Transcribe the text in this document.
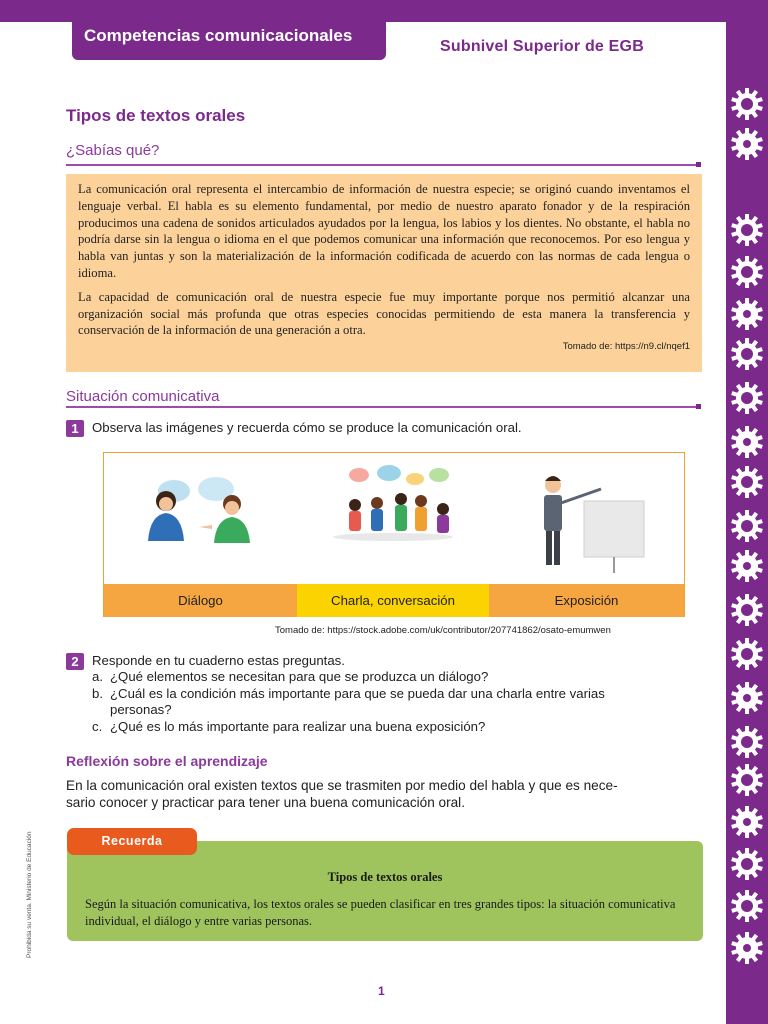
Competencias comunicacionales
Subnivel Superior de EGB
Tipos de textos orales
¿Sabías qué?

La comunicación oral representa el intercambio de información de nuestra especie; se originó cuando inventamos el lenguaje verbal. El habla es su elemento fundamental, por medio de nuestro aparato fonador y de la respiración producimos una cadena de sonidos articulados ayudados por la lengua, los labios y los dientes. No obstante, el habla no podría darse sin la lengua o idioma en el que podemos comunicar una información que reconocemos. Por eso lengua y habla van juntas y son la materialización de la información codificada de acuerdo con las normas de cada lengua o idioma.

La capacidad de comunicación oral de nuestra especie fue muy importante porque nos permitió alcanzar una organización social más profunda que otras especies conocidas permitiendo de esta manera la transferencia y conservación de la información de una generación a otra.

Tomado de: https://n9.cl/nqef1
Situación comunicativa
1	Observa las imágenes y recuerda cómo se produce la comunicación oral.
Diálogo	Charla, conversación	Exposición
Tomado de: https://stock.adobe.com/uk/contributor/207741862/osato-emumwen
2	Responde en tu cuaderno estas preguntas.
a. ¿Qué elementos se necesitan para que se produzca un diálogo?
b. ¿Cuál es la condición más importante para que se pueda dar una charla entre varias
personas?
c. ¿Qué es lo más importante para realizar una buena exposición?
Reflexión sobre el aprendizaje
En la comunicación oral existen textos que se trasmiten por medio del habla y que es nece-
sario conocer y practicar para tener una buena comunicación oral.
Recuerda
Tipos de textos orales
Según la situación comunicativa, los textos orales se pueden clasificar en tres grandes tipos: la situación comunicativa individual, el diálogo y entre varias personas.
Prohibida su venta. Ministerio de Educación
1
